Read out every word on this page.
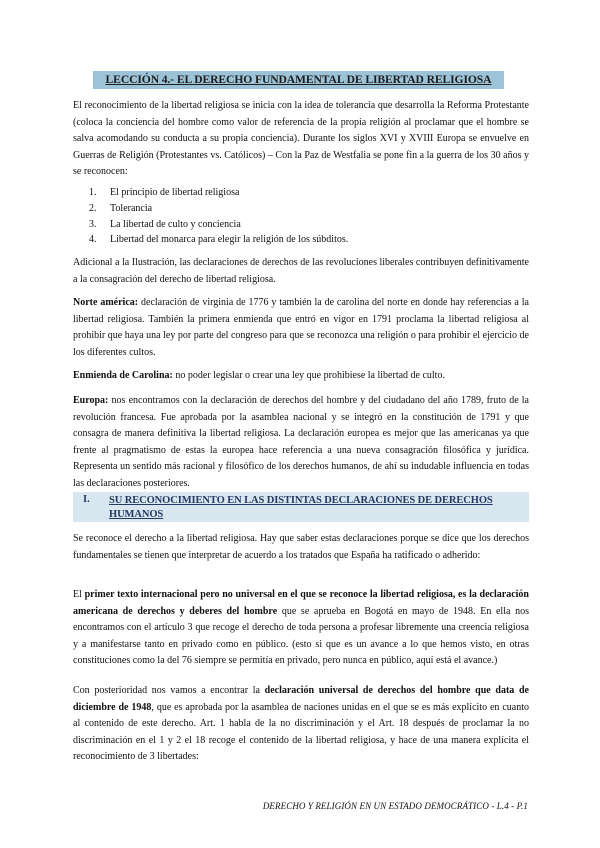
LECCIÓN 4.- EL DERECHO FUNDAMENTAL DE LIBERTAD RELIGIOSA

El reconocimiento de la libertad religiosa se inicia con la idea de tolerancia que desarrolla la Reforma Protestante (coloca la conciencia del hombre como valor de referencia de la propia religión al proclamar que el hombre se salva acomodando su conducta a su propia conciencia). Durante los siglos XVI y XVIII Europa se envuelve en Guerras de Religión (Protestantes vs. Católicos) – Con la Paz de Westfalia se pone fin a la guerra de los 30 años y se reconocen:

1. El principio de libertad religiosa
2. Tolerancia
3. La libertad de culto y conciencia
4. Libertad del monarca para elegir la religión de los súbditos.

Adicional a la Ilustración, las declaraciones de derechos de las revoluciones liberales contribuyen definitivamente a la consagración del derecho de libertad religiosa.

Norte américa: declaración de virginia de 1776 y también la de carolina del norte en donde hay referencias a la libertad religiosa. También la primera enmienda que entró en vigor en 1791 proclama la libertad religiosa al prohibir que haya una ley por parte del congreso para que se reconozca una religión o para prohibir el ejercicio de los diferentes cultos.

Enmienda de Carolina: no poder legislar o crear una ley que prohibiese la libertad de culto.

Europa: nos encontramos con la declaración de derechos del hombre y del ciudadano del año 1789, fruto de la revolución francesa. Fue aprobada por la asamblea nacional y se integró en la constitución de 1791 y que consagra de manera definitiva la libertad religiosa. La declaración europea es mejor que las americanas ya que frente al pragmatismo de estas la europea hace referencia a una nueva consagración filosófica y jurídica. Representa un sentido más racional y filosófico de los derechos humanos, de ahí su indudable influencia en todas las declaraciones posteriores.

I. SU RECONOCIMIENTO EN LAS DISTINTAS DECLARACIONES DE DERECHOS HUMANOS

Se reconoce el derecho a la libertad religiosa. Hay que saber estas declaraciones porque se dice que los derechos fundamentales se tienen que interpretar de acuerdo a los tratados que España ha ratificado o adherido:

El primer texto internacional pero no universal en el que se reconoce la libertad religiosa, es la declaración americana de derechos y deberes del hombre que se aprueba en Bogotá en mayo de 1948. En ella nos encontramos con el artículo 3 que recoge el derecho de toda persona a profesar libremente una creencia religiosa y a manifestarse tanto en privado como en público. (esto si que es un avance a lo que hemos visto, en otras constituciones como la del 76 siempre se permitía en privado, pero nunca en público, aquí está el avance.)

Con posterioridad nos vamos a encontrar la declaración universal de derechos del hombre que data de diciembre de 1948, que es aprobada por la asamblea de naciones unidas en el que se es más explícito en cuanto al contenido de este derecho. Art. 1 habla de la no discriminación y el Art. 18 después de proclamar la no discriminación en el 1 y 2 el 18 recoge el contenido de la libertad religiosa, y hace de una manera explícita el reconocimiento de 3 libertades:

DERECHO Y RELIGIÓN EN UN ESTADO DEMOCRÁTICO - L.4 - P.1
